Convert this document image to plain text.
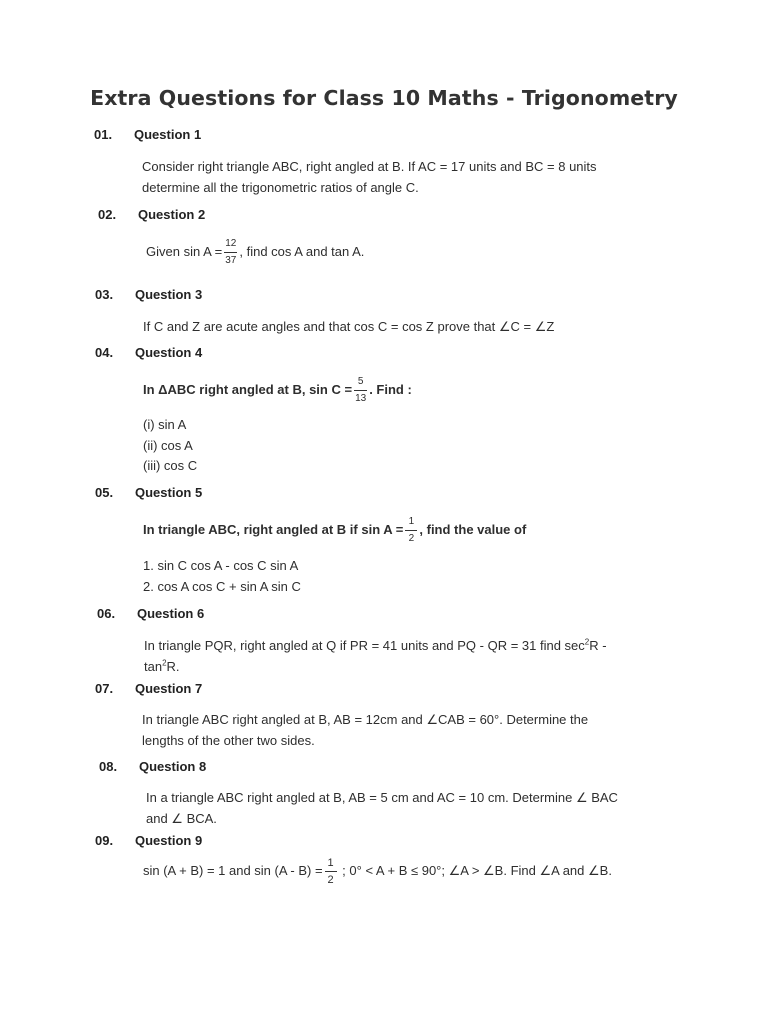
Extra Questions for Class 10 Maths - Trigonometry
01. Question 1
Consider right triangle ABC, right angled at B. If AC = 17 units and BC = 8 units
determine all the trigonometric ratios of angle C.
02. Question 2
Given $\sin A = \frac{12}{37}$ , find cos A and tan A.
03. Question 3
If C and Z are acute angles and that cos C = cos Z prove that ∠C = ∠Z
04. Question 4
In ΔABC right angled at B, $\sin C = \frac{5}{13}$ . Find :
(i) sin A
(ii) cos A
(iii) cos C
05. Question 5
In triangle ABC, right angled at B if $\sin A = \frac{1}{2}$ , find the value of
1. sin C cos A - cos C sin A
2. cos A cos C + sin A sin C
06. Question 6
In triangle PQR, right angled at Q if PR = 41 units and PQ - QR = 31 find $\sec^2R$ -
$\tan^2R$.
07. Question 7
In triangle ABC right angled at B, AB = 12cm and ∠CAB = 60°. Determine the
lengths of the other two sides.
08. Question 8
In a triangle ABC right angled at B, AB = 5 cm and AC = 10 cm. Determine ∠ BAC
and ∠ BCA.
09. Question 9
sin (A + B) = 1 and $\sin (A - B) = \frac{1}{2}$ ; 0° < A + B ≤ 90°; ∠A > ∠B. Find ∠A and ∠B.
